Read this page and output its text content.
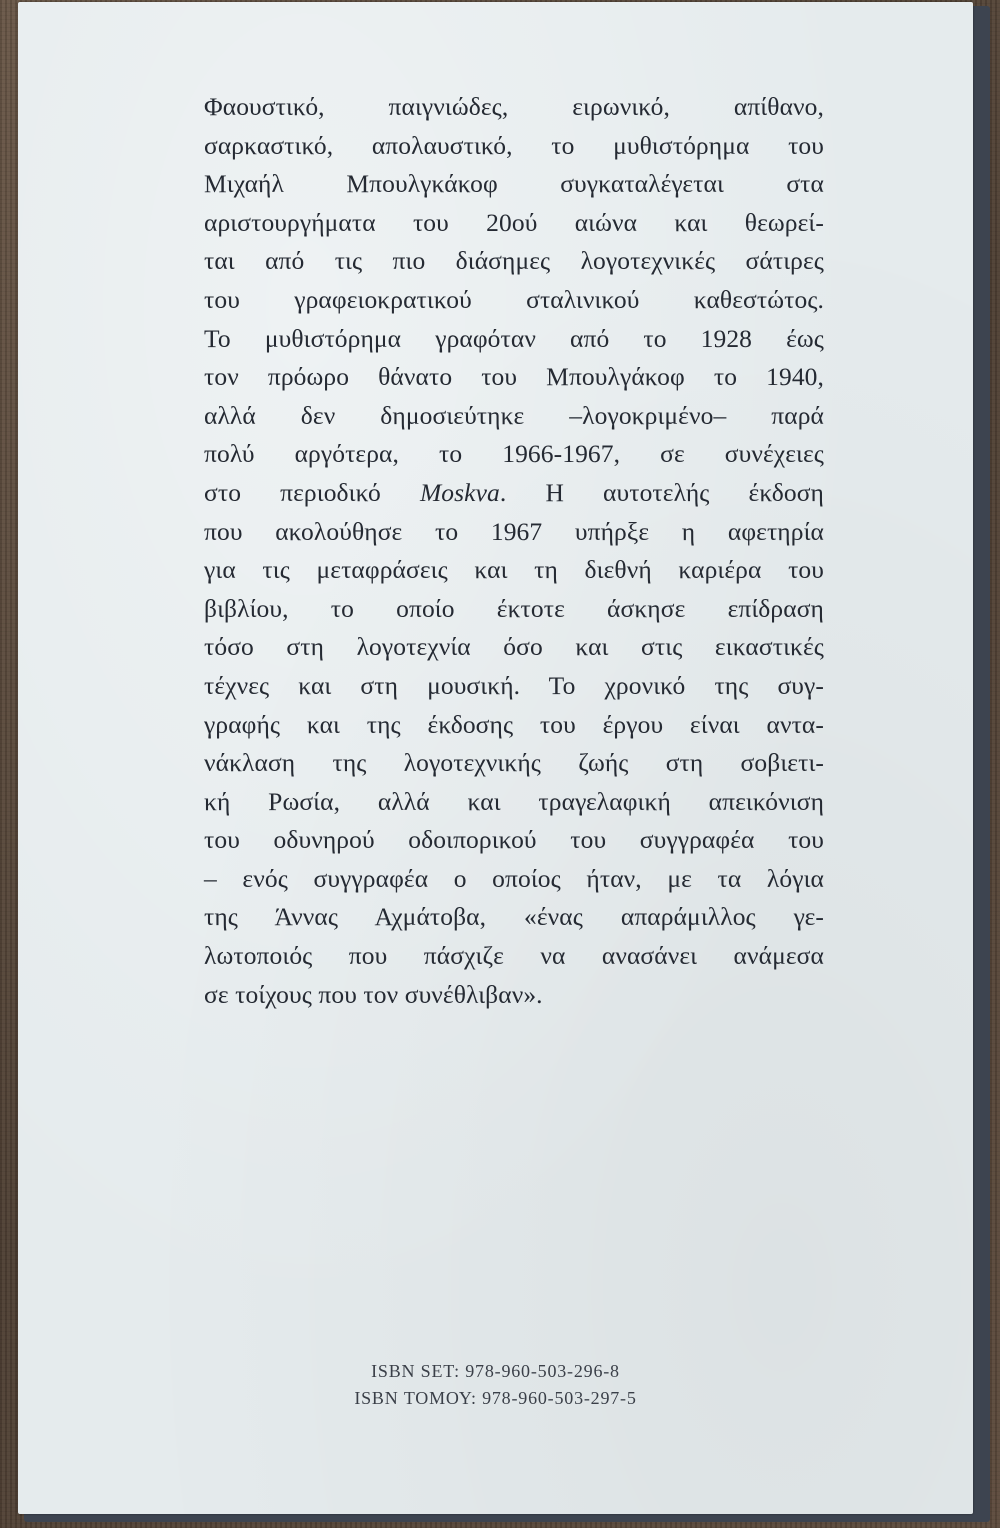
Φαουστικό, παιγνιώδες, ειρωνικό, απίθανο,
σαρκαστικό, απολαυστικό, το μυθιστόρημα του
Μιχαήλ Μπουλγκάκοφ συγκαταλέγεται στα
αριστουργήματα του 20ού αιώνα και θεωρεί-
ται από τις πιο διάσημες λογοτεχνικές σάτιρες
του γραφειοκρατικού σταλινικού καθεστώτος.
Το μυθιστόρημα γραφόταν από το 1928 έως
τον πρόωρο θάνατο του Μπουλγάκοφ το 1940,
αλλά δεν δημοσιεύτηκε –λογοκριμένο– παρά
πολύ αργότερα, το 1966-1967, σε συνέχειες
στο περιοδικό Moskva. Η αυτοτελής έκδοση
που ακολούθησε το 1967 υπήρξε η αφετηρία
για τις μεταφράσεις και τη διεθνή καριέρα του
βιβλίου, το οποίο έκτοτε άσκησε επίδραση
τόσο στη λογοτεχνία όσο και στις εικαστικές
τέχνες και στη μουσική. Το χρονικό της συγ-
γραφής και της έκδοσης του έργου είναι αντα-
νάκλαση της λογοτεχνικής ζωής στη σοβιετι-
κή Ρωσία, αλλά και τραγελαφική απεικόνιση
του οδυνηρού οδοιπορικού του συγγραφέα του
– ενός συγγραφέα ο οποίος ήταν, με τα λόγια
της Άννας Αχμάτοβα, «ένας απαράμιλλος γε-
λωτοποιός που πάσχιζε να ανασάνει ανάμεσα
σε τοίχους που τον συνέθλιβαν».

ISBN SET: 978-960-503-296-8
ISBN ΤΟΜΟΥ: 978-960-503-297-5
